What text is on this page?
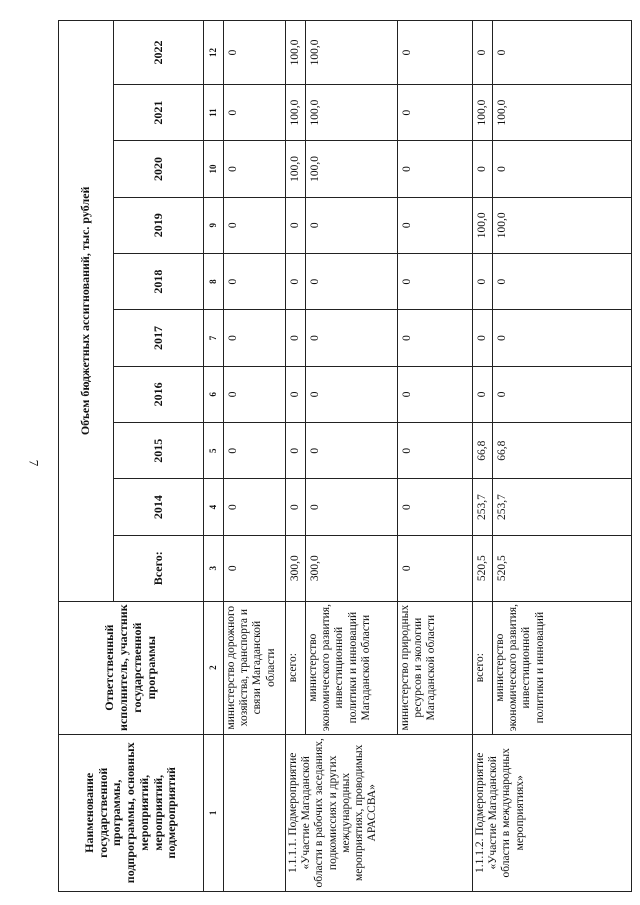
7
Наименование государственной программы, подпрограммы, основных мероприятий, мероприятий, подмероприятий	Ответственный исполнитель, участник государственной программы	Объем бюджетных ассигнований, тыс. рублей									
		Всего:	2014	2015	2016	2017	2018	2019	2020	2021	2022
1	2	3	4	5	6	7	8	9	10	11	12
	министерство дорожного хозяйства, транспорта и связи Магаданской области	0	0	0	0	0	0	0	0	0	0
1.1.1.1. Подмероприятие «Участие Магаданской области в рабочих заседаниях, подкомиссиях и других международных мероприятиях, проводимых АРАССВА»	всего:	300,0	0	0	0	0	0	0	100,0	100,0	100,0
	министерство экономического развития, инвестиционной политики и инноваций Магаданской области	300,0	0	0	0	0	0	0	100,0	100,0	100,0
	министерство природных ресурсов и экологии Магаданской области	0	0	0	0	0	0	0	0	0	0
1.1.1.2. Подмероприятие «Участие Магаданской области в международных мероприятиях»	всего:	520,5	253,7	66,8	0	0	0	100,0	0	100,0	0
	министерство экономического развития, инвестиционной политики и инноваций	520,5	253,7	66,8	0	0	0	100,0	0	100,0	0
